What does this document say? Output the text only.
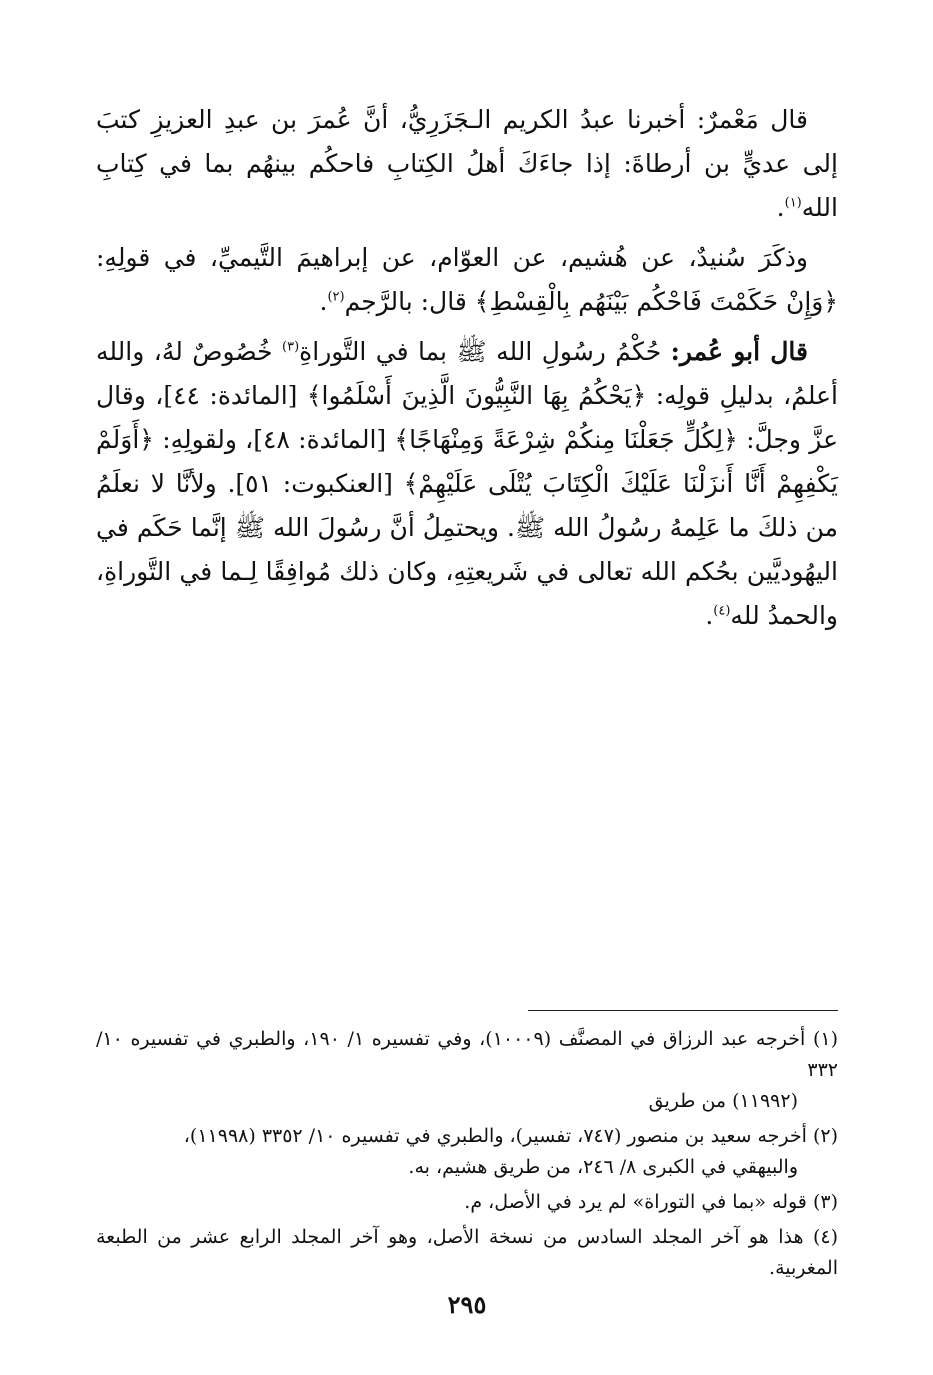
قال مَعْمرٌ: أخبرنا عبدُ الكريم الـجَزَرِيُّ، أنَّ عُمرَ بن عبدِ العزيزِ كتبَ إلى عديٍّ بن أرطاةَ: إذا جاءَكَ أهلُ الكِتابِ فاحكُم بينهُم بما في كِتابِ الله$^{(١)}$.

وذكَرَ سُنيدٌ، عن هُشيم، عن العوّام، عن إبراهيمَ التَّيميِّ، في قولِهِ: ﴿وَإِنْ حَكَمْتَ فَاحْكُم بَيْنَهُم بِالْقِسْطِ﴾ قال: بالرَّجم$^{(٢)}$.

قال أبو عُمر: حُكْمُ رسُولِ الله ﷺ بما في التَّوراةِ$^{(٣)}$ خُصُوصٌ لهُ، والله أعلمُ، بدليلِ قولِه: ﴿يَحْكُمُ بِهَا النَّبِيُّونَ الَّذِينَ أَسْلَمُوا﴾ [المائدة: ٤٤]، وقال عزَّ وجلَّ: ﴿لِكُلٍّ جَعَلْنَا مِنكُمْ شِرْعَةً وَمِنْهَاجًا﴾ [المائدة: ٤٨]، ولقولِهِ: ﴿أَوَلَمْ يَكْفِهِمْ أَنَّا أَنزَلْنَا عَلَيْكَ الْكِتَابَ يُتْلَى عَلَيْهِمْ﴾ [العنكبوت: ٥١]. ولأنَّا لا نعلَمُ من ذلكَ ما عَلِمهُ رسُولُ الله ﷺ. ويحتمِلُ أنَّ رسُولَ الله ﷺ إنَّما حَكَم في اليهُوديَّين بحُكم الله تعالى في شَريعتِهِ، وكان ذلك مُوافِقًا لِـما في التَّوراةِ، والحمدُ لله$^{(٤)}$.

(١) أخرجه عبد الرزاق في المصنَّف (١٠٠٠٩)، وفي تفسيره ١/ ١٩٠، والطبري في تفسيره ١٠/ ٣٣٢
(١١٩٩٢) من طريق

(٢) أخرجه سعيد بن منصور (٧٤٧، تفسير)، والطبري في تفسيره ١٠/ ٣٣٥٢ (١١٩٩٨)،
والبيهقي في الكبرى ٨/ ٢٤٦، من طريق هشيم، به.

(٣) قوله «بما في التوراة» لم يرد في الأصل، م.

(٤) هذا هو آخر المجلد السادس من نسخة الأصل، وهو آخر المجلد الرابع عشر من الطبعة المغربية.

٢٩٥
